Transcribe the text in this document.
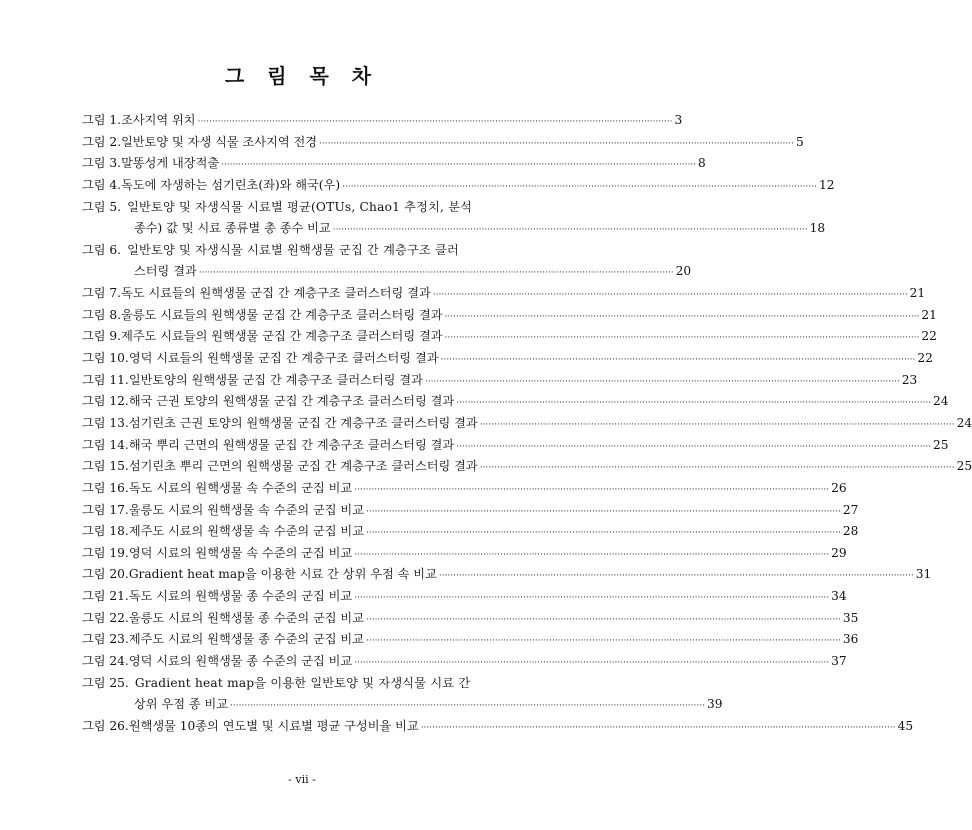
그 림 목 차
그림 1. 조사지역 위치 ·····	3
그림 2. 일반토양 및 자생 식물 조사지역 전경 ·····	5
그림 3. 말똥성게 내장적출 ·····	8
그림 4. 독도에 자생하는 섬기린초(좌)와 해국(우) ·····	12
그림 5. 일반토양 및 자생식물 시료별 평균(OTUs, Chao1 추정치, 분석
종수) 값 및 시료 종류별 총 종수 비교 ·····	18
그림 6. 일반토양 및 자생식물 시료별 원핵생물 군집 간 계층구조 클러
스터링 결과 ·····	20
그림 7. 독도 시료들의 원핵생물 군집 간 계층구조 클러스터링 결과 ·····	21
그림 8. 울릉도 시료들의 원핵생물 군집 간 계층구조 클러스터링 결과 ·····	21
그림 9. 제주도 시료들의 원핵생물 군집 간 계층구조 클러스터링 결과 ·····	22
그림 10. 영덕 시료들의 원핵생물 군집 간 계층구조 클러스터링 결과 ·····	22
그림 11. 일반토양의 원핵생물 군집 간 계층구조 클러스터링 결과 ·····	23
그림 12. 해국 근권 토양의 원핵생물 군집 간 계층구조 클러스터링 결과 ·····	24
그림 13. 섬기린초 근권 토양의 원핵생물 군집 간 계층구조 클러스터링 결과 ·····	24
그림 14. 해국 뿌리 근면의 원핵생물 군집 간 계층구조 클러스터링 결과 ·····	25
그림 15. 섬기린초 뿌리 근면의 원핵생물 군집 간 계층구조 클러스터링 결과 ·····	25
그림 16. 독도 시료의 원핵생물 속 수준의 군집 비교 ·····	26
그림 17. 울릉도 시료의 원핵생물 속 수준의 군집 비교 ·····	27
그림 18. 제주도 시료의 원핵생물 속 수준의 군집 비교 ·····	28
그림 19. 영덕 시료의 원핵생물 속 수준의 군집 비교 ·····	29
그림 20. Gradient heat map을 이용한 시료 간 상위 우점 속 비교 ·····	31
그림 21. 독도 시료의 원핵생물 종 수준의 군집 비교 ·····	34
그림 22. 울릉도 시료의 원핵생물 종 수준의 군집 비교 ·····	35
그림 23. 제주도 시료의 원핵생물 종 수준의 군집 비교 ·····	36
그림 24. 영덕 시료의 원핵생물 종 수준의 군집 비교 ·····	37
그림 25. Gradient heat map을 이용한 일반토양 및 자생식물 시료 간
상위 우점 종 비교 ·····	39
그림 26. 원핵생물 10종의 연도별 및 시료별 평균 구성비율 비교 ·····	45
- vii -
